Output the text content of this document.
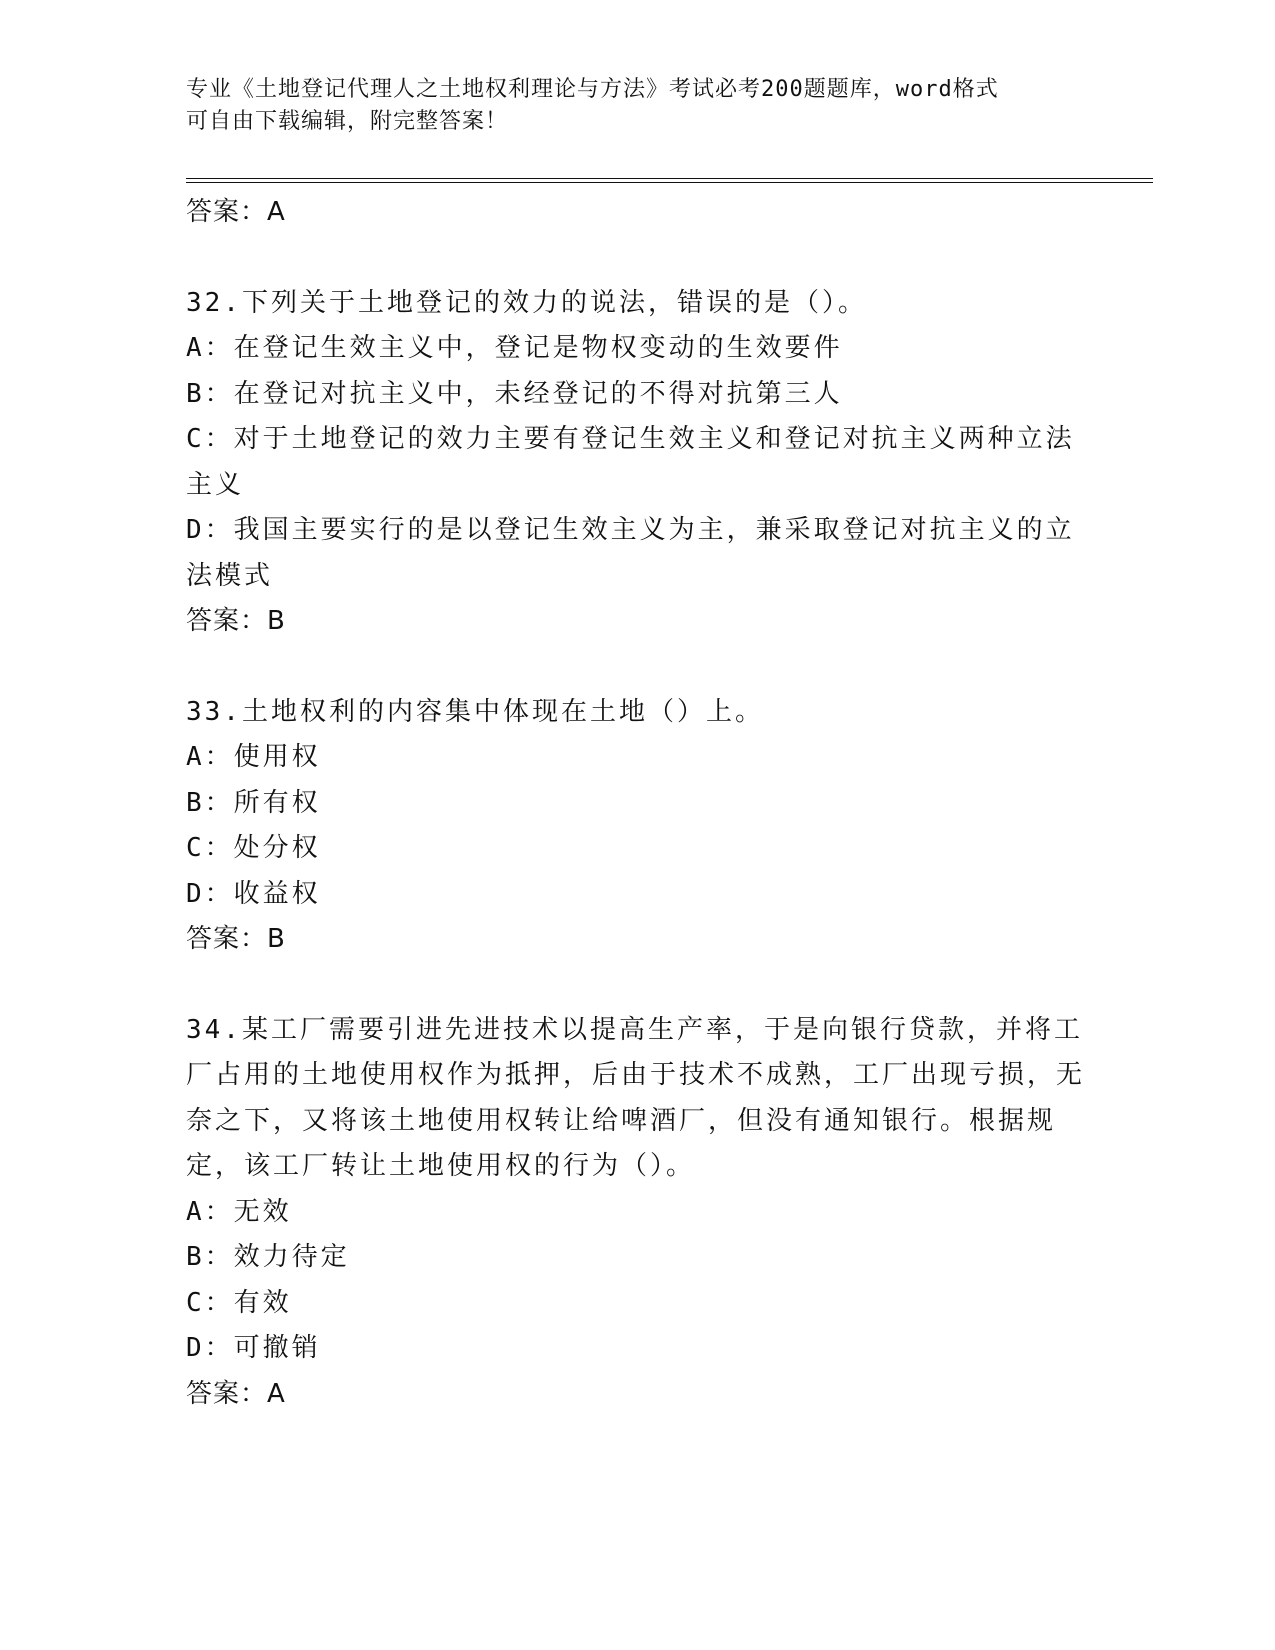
专业《土地登记代理人之土地权利理论与方法》考试必考200题题库，word格式
可自由下载编辑，附完整答案！
答案：A
32.下列关于土地登记的效力的说法，错误的是（）。
A：在登记生效主义中，登记是物权变动的生效要件
B：在登记对抗主义中，未经登记的不得对抗第三人
C：对于土地登记的效力主要有登记生效主义和登记对抗主义两种立法主义
D：我国主要实行的是以登记生效主义为主，兼采取登记对抗主义的立法模式
答案：B
33.土地权利的内容集中体现在土地（）上。
A：使用权
B：所有权
C：处分权
D：收益权
答案：B
34.某工厂需要引进先进技术以提高生产率，于是向银行贷款，并将工厂占用的土地使用权作为抵押，后由于技术不成熟，工厂出现亏损，无奈之下，又将该土地使用权转让给啤酒厂，但没有通知银行。根据规定，该工厂转让土地使用权的行为（）。
A：无效
B：效力待定
C：有效
D：可撤销
答案：A
